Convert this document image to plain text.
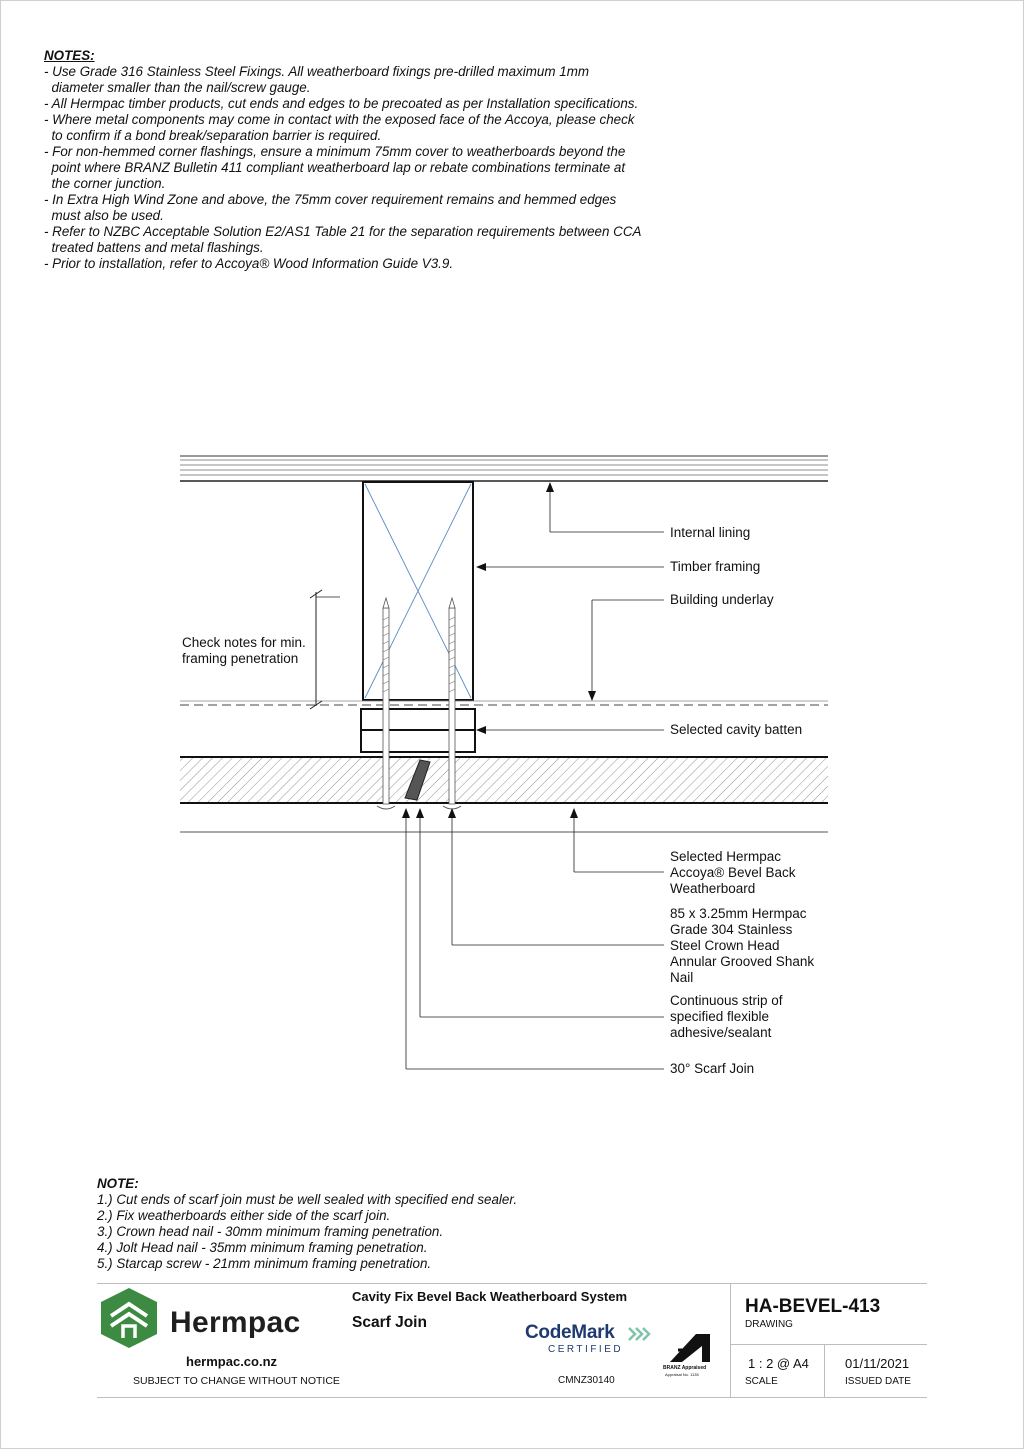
NOTES:
- Use Grade 316 Stainless Steel Fixings. All weatherboard fixings pre-drilled maximum 1mm
diameter smaller than the nail/screw gauge.
- All Hermpac timber products, cut ends and edges to be precoated as per Installation specifications.
- Where metal components may come in contact with the exposed face of the Accoya, please check
to confirm if a bond break/separation barrier is required.
- For non-hemmed corner flashings, ensure a minimum 75mm cover to weatherboards beyond the
point where BRANZ Bulletin 411 compliant weatherboard lap or rebate combinations terminate at
the corner junction.
- In Extra High Wind Zone and above, the 75mm cover requirement remains and hemmed edges
must also be used.
- Refer to NZBC Acceptable Solution E2/AS1 Table 21 for the separation requirements between CCA
treated battens and metal flashings.
- Prior to installation, refer to Accoya® Wood Information Guide V3.9.
Internal lining
Timber framing
Building underlay
Check notes for min.
framing penetration
Selected cavity batten
Selected Hermpac
Accoya® Bevel Back
Weatherboard
85 x 3.25mm Hermpac
Grade 304 Stainless
Steel Crown Head
Annular Grooved Shank
Nail
Continuous strip of
specified flexible
adhesive/sealant
30° Scarf Join
NOTE:
1.) Cut ends of scarf join must be well sealed with specified end sealer.
2.) Fix weatherboards either side of the scarf join.
3.) Crown head nail - 30mm minimum framing penetration.
4.) Jolt Head nail - 35mm minimum framing penetration.
5.) Starcap screw - 21mm minimum framing penetration.
Hermpac
hermpac.co.nz
SUBJECT TO CHANGE WITHOUT NOTICE
Cavity Fix Bevel Back Weatherboard System
Scarf Join	CodeMark
CERTIFIED
CMNZ30140
BRANZ Appraised
Appraisal No. 1135
HA-BEVEL-413
DRAWING
1 : 2 @ A4
SCALE
01/11/2021
ISSUED DATE
